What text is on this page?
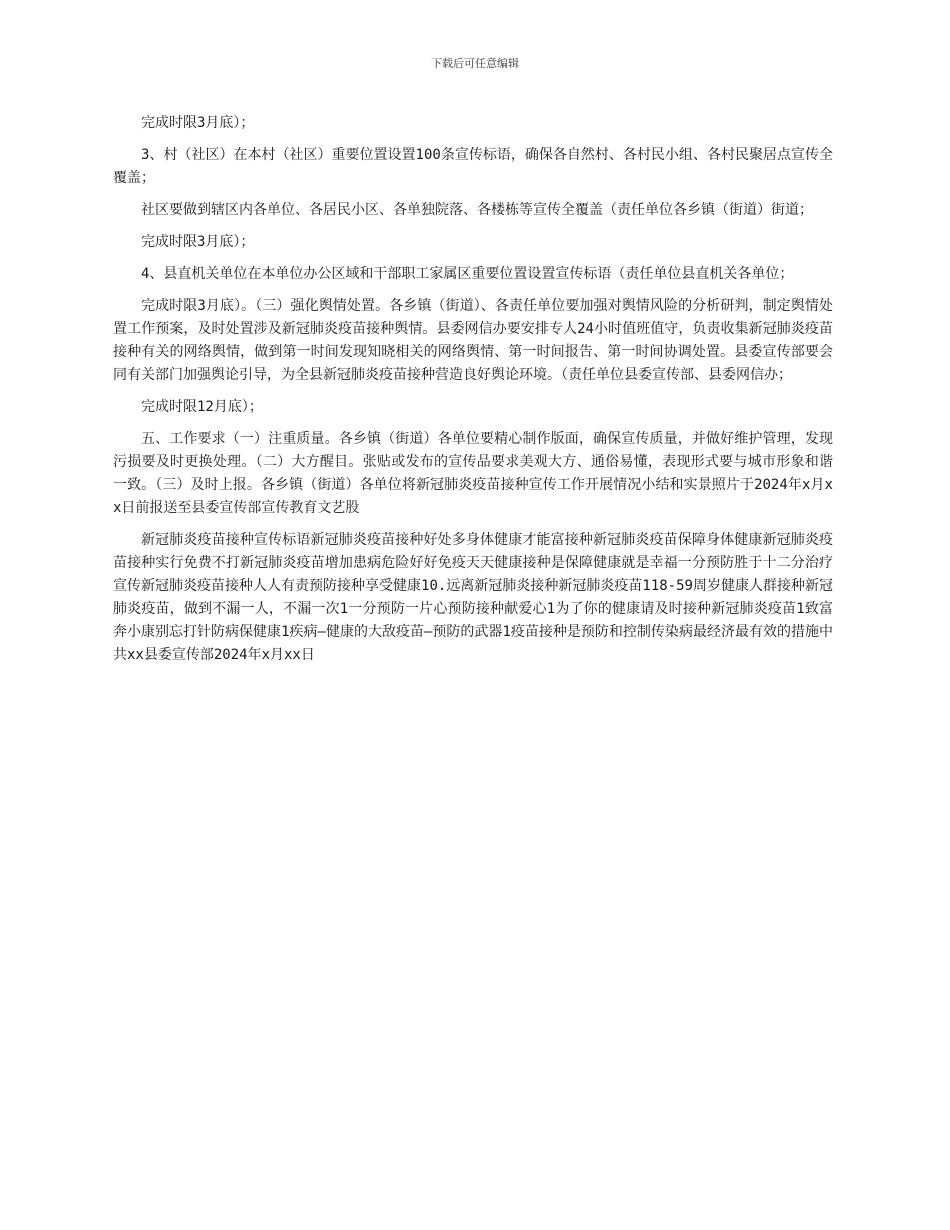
下载后可任意编辑

完成时限3月底）；

3、村（社区）在本村（社区）重要位置设置100条宣传标语，确保各自然村、各村民小组、各村民聚居点宣传全覆盖；

社区要做到辖区内各单位、各居民小区、各单独院落、各楼栋等宣传全覆盖（责任单位各乡镇（街道）街道；

完成时限3月底）；

4、县直机关单位在本单位办公区域和干部职工家属区重要位置设置宣传标语（责任单位县直机关各单位；

完成时限3月底）。（三）强化舆情处置。各乡镇（街道）、各责任单位要加强对舆情风险的分析研判，制定舆情处置工作预案，及时处置涉及新冠肺炎疫苗接种舆情。县委网信办要安排专人24小时值班值守，负责收集新冠肺炎疫苗接种有关的网络舆情，做到第一时间发现知晓相关的网络舆情、第一时间报告、第一时间协调处置。县委宣传部要会同有关部门加强舆论引导，为全县新冠肺炎疫苗接种营造良好舆论环境。（责任单位县委宣传部、县委网信办；

完成时限12月底）；

五、工作要求（一）注重质量。各乡镇（街道）各单位要精心制作版面，确保宣传质量，并做好维护管理，发现污损要及时更换处理。（二）大方醒目。张贴或发布的宣传品要求美观大方、通俗易懂，表现形式要与城市形象和谐一致。（三）及时上报。各乡镇（街道）各单位将新冠肺炎疫苗接种宣传工作开展情况小结和实景照片于2024年x月xx日前报送至县委宣传部宣传教育文艺股

新冠肺炎疫苗接种宣传标语新冠肺炎疫苗接种好处多身体健康才能富接种新冠肺炎疫苗保障身体健康新冠肺炎疫苗接种实行免费不打新冠肺炎疫苗增加患病危险好好免疫天天健康接种是保障健康就是幸福一分预防胜于十二分治疗宣传新冠肺炎疫苗接种人人有责预防接种享受健康10.远离新冠肺炎接种新冠肺炎疫苗118-59周岁健康人群接种新冠肺炎疫苗，做到不漏一人，不漏一次1一分预防一片心预防接种献爱心1为了你的健康请及时接种新冠肺炎疫苗1致富奔小康别忘打针防病保健康1疾病—健康的大敌疫苗—预防的武器1疫苗接种是预防和控制传染病最经济最有效的措施中共xx县委宣传部2024年x月xx日
